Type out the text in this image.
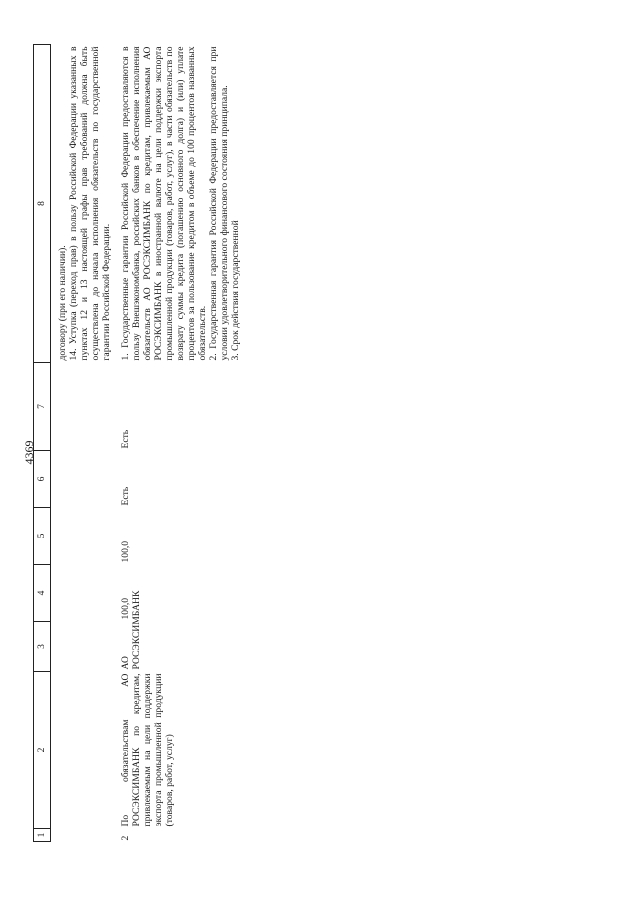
4369
1	2	3	4	5	6	7	8

							договору (при его наличии). 14. Уступка (переход прав) в пользу Российской Федерации указанных в пунктах 12 и 13 настоящей графы прав требований должна быть осуществлена до начала исполнения обязательств по государственной гарантии Российской Федерации.

2	По обязательствам АО РОСЭКСИМБАНК по кредитам, привлекаемым на цели поддержки экспорта промышленной продукции (товаров, работ, услуг)	АО РОСЭКСИМБАНК	100,0	100,0	Есть	Есть	1. Государственные гарантии Российской Федерации предоставляются в пользу Внешэкономбанка, российских банков в обеспечение исполнения обязательств АО РОСЭКСИМБАНК по кредитам, привлекаемым АО РОСЭКСИМБАНК в иностранной валюте на цели поддержки экспорта промышленной продукции (товаров, работ, услуг), в части обязательств по возврату суммы кредита (погашению основного долга) и (или) уплате процентов за пользование кредитом в объеме до 100 процентов названных обязательств. 2. Государственная гарантия Российской Федерации предоставляется при условии удовлетворительного финансового состояния принципала. 3. Срок действия государственной
